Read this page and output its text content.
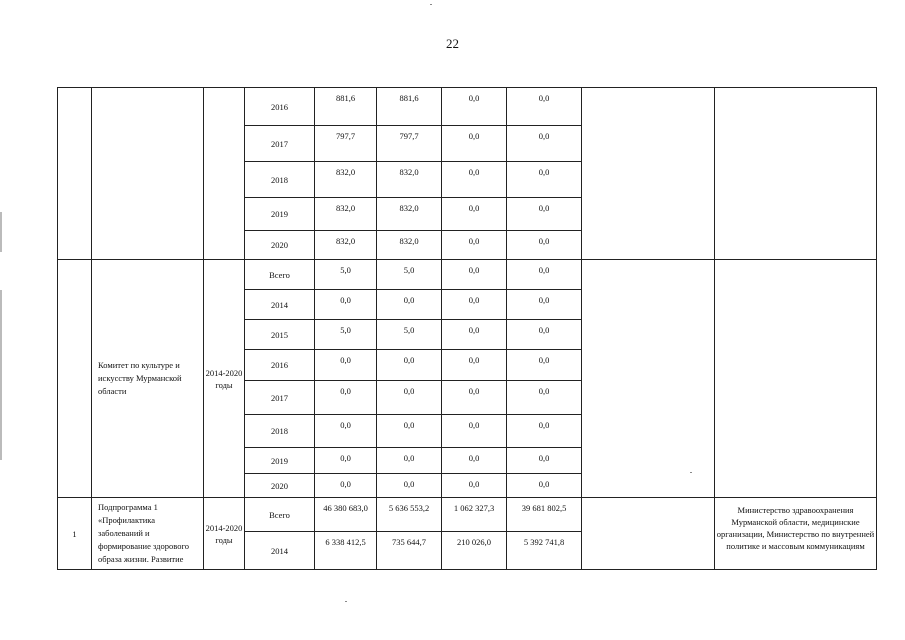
22
			2016	881,6	881,6	0,0	0,0		
			2017	797,7	797,7	0,0	0,0		
			2018	832,0	832,0	0,0	0,0		
			2019	832,0	832,0	0,0	0,0		
			2020	832,0	832,0	0,0	0,0		
	Комитет по культуре и искусству Мурманской области	2014-2020 годы	Всего	5,0	5,0	0,0	0,0		
			2014	0,0	0,0	0,0	0,0		
			2015	5,0	5,0	0,0	0,0		
			2016	0,0	0,0	0,0	0,0		
			2017	0,0	0,0	0,0	0,0		
			2018	0,0	0,0	0,0	0,0		
			2019	0,0	0,0	0,0	0,0		
			2020	0,0	0,0	0,0	0,0		
1	Подпрограмма 1 «Профилактика заболеваний и формирование здорового образа жизни. Развитие	2014-2020 годы	Всего	46 380 683,0	5 636 553,2	1 062 327,3	39 681 802,5		Министерство здравоохранения Мурманской области, медицинские организации, Министерство по внутренней политике и массовым коммуникациям
			2014	6 338 412,5	735 644,7	210 026,0	5 392 741,8		
